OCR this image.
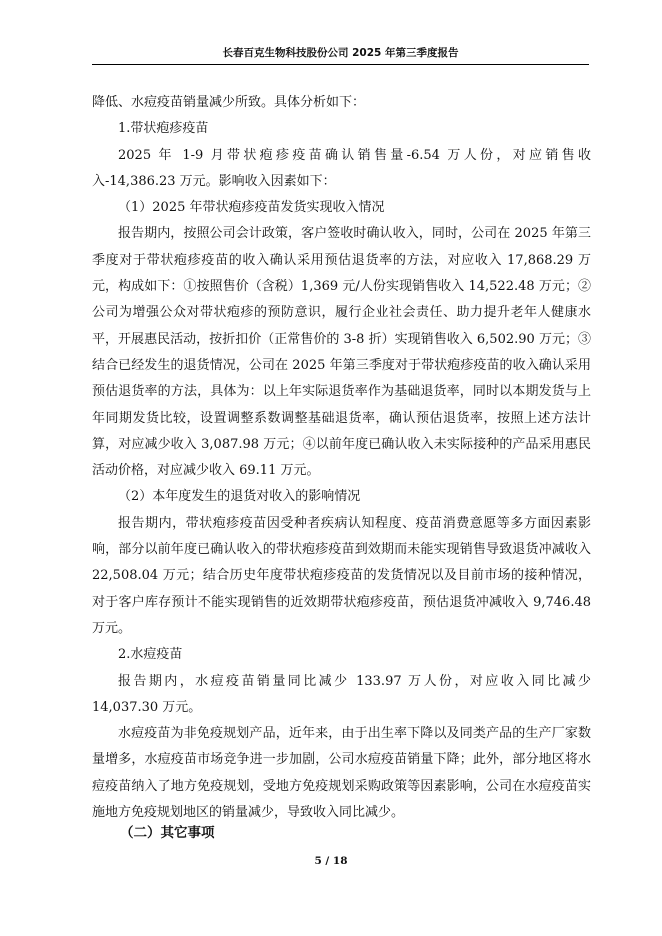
长春百克生物科技股份公司 2025 年第三季度报告

降低、水痘疫苗销量减少所致。具体分析如下：

1.带状疱疹疫苗

2025 年 1-9 月带状疱疹疫苗确认销售量-6.54 万人份，对应销售收入-14,386.23 万元。影响收入因素如下：

（1）2025 年带状疱疹疫苗发货实现收入情况

报告期内，按照公司会计政策，客户签收时确认收入，同时，公司在 2025 年第三季度对于带状疱疹疫苗的收入确认采用预估退货率的方法，对应收入 17,868.29 万元，构成如下：①按照售价（含税）1,369 元/人份实现销售收入 14,522.48 万元；②公司为增强公众对带状疱疹的预防意识，履行企业社会责任、助力提升老年人健康水平，开展惠民活动，按折扣价（正常售价的 3-8 折）实现销售收入 6,502.90 万元；③结合已经发生的退货情况，公司在 2025 年第三季度对于带状疱疹疫苗的收入确认采用预估退货率的方法，具体为：以上年实际退货率作为基础退货率，同时以本期发货与上年同期发货比较，设置调整系数调整基础退货率，确认预估退货率，按照上述方法计算，对应减少收入 3,087.98 万元；④以前年度已确认收入未实际接种的产品采用惠民活动价格，对应减少收入 69.11 万元。

（2）本年度发生的退货对收入的影响情况

报告期内，带状疱疹疫苗因受种者疾病认知程度、疫苗消费意愿等多方面因素影响，部分以前年度已确认收入的带状疱疹疫苗到效期而未能实现销售导致退货冲减收入 22,508.04 万元；结合历史年度带状疱疹疫苗的发货情况以及目前市场的接种情况，对于客户库存预计不能实现销售的近效期带状疱疹疫苗，预估退货冲减收入 9,746.48 万元。

2.水痘疫苗

报告期内，水痘疫苗销量同比减少 133.97 万人份，对应收入同比减少 14,037.30 万元。

水痘疫苗为非免疫规划产品，近年来，由于出生率下降以及同类产品的生产厂家数量增多，水痘疫苗市场竞争进一步加剧，公司水痘疫苗销量下降；此外，部分地区将水痘疫苗纳入了地方免疫规划，受地方免疫规划采购政策等因素影响，公司在水痘疫苗实施地方免疫规划地区的销量减少，导致收入同比减少。

（二）其它事项
5 / 18
